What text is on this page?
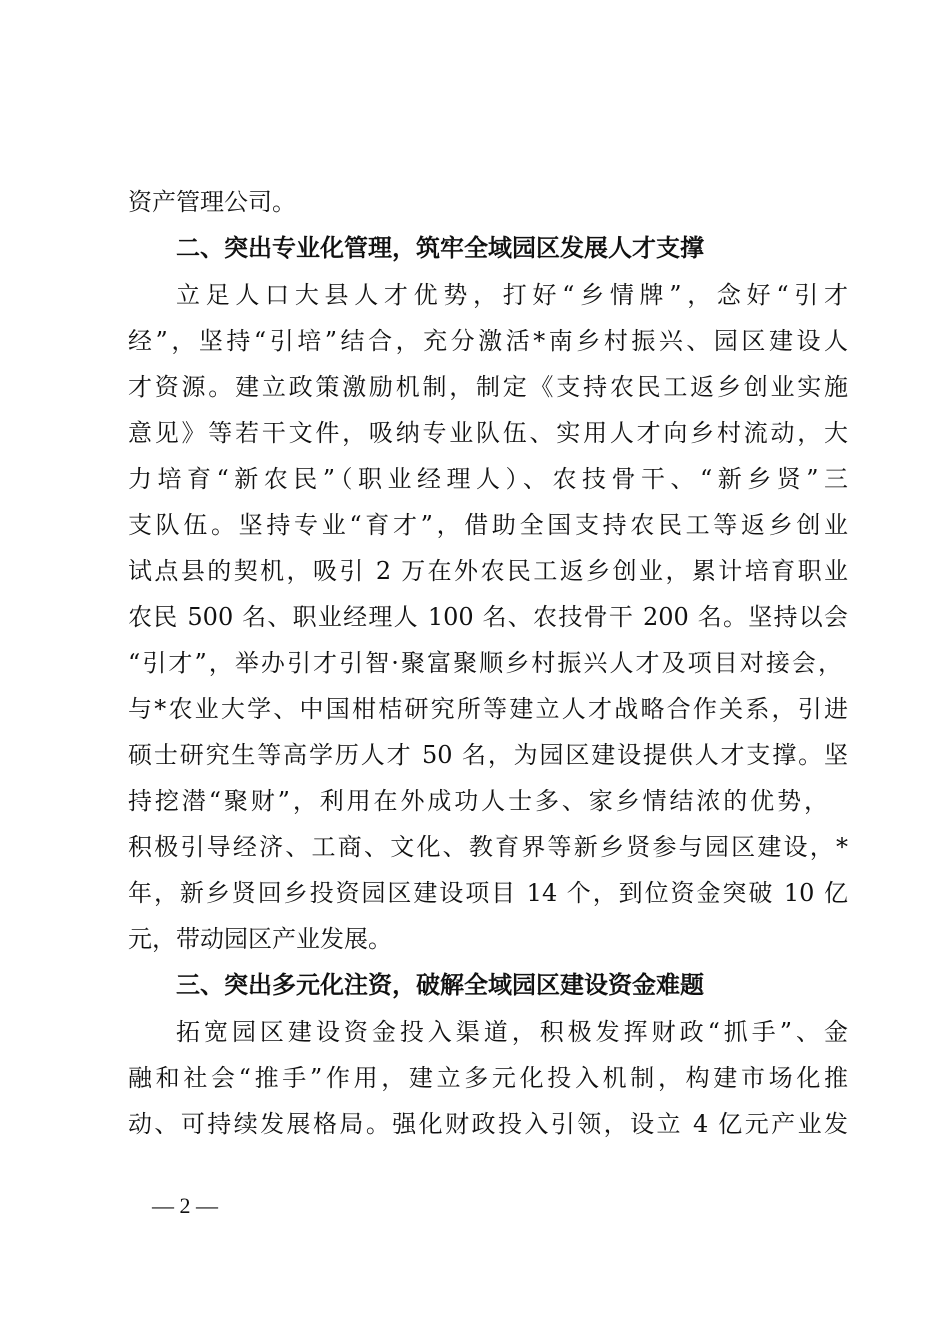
资产管理公司。
二、突出专业化管理，筑牢全域园区发展人才支撑
立足人口大县人才优势，打好“乡情牌”，念好“引才
经”，坚持“引培”结合，充分激活*南乡村振兴、园区建设人
才资源。建立政策激励机制，制定《支持农民工返乡创业实施
意见》等若干文件，吸纳专业队伍、实用人才向乡村流动，大
力培育“新农民”（职业经理人）、农技骨干、“新乡贤”三
支队伍。坚持专业“育才”，借助全国支持农民工等返乡创业
试点县的契机，吸引 2 万在外农民工返乡创业，累计培育职业
农民 500 名、职业经理人 100 名、农技骨干 200 名。坚持以会
“引才”，举办引才引智·聚富聚顺乡村振兴人才及项目对接会，
与*农业大学、中国柑桔研究所等建立人才战略合作关系，引进
硕士研究生等高学历人才 50 名，为园区建设提供人才支撑。坚
持挖潜“聚财”，利用在外成功人士多、家乡情结浓的优势，
积极引导经济、工商、文化、教育界等新乡贤参与园区建设，*
年，新乡贤回乡投资园区建设项目 14 个，到位资金突破 10 亿
元，带动园区产业发展。
三、突出多元化注资，破解全域园区建设资金难题
拓宽园区建设资金投入渠道，积极发挥财政“抓手”、金
融和社会“推手”作用，建立多元化投入机制，构建市场化推
动、可持续发展格局。强化财政投入引领，设立 4 亿元产业发
— 2 —
